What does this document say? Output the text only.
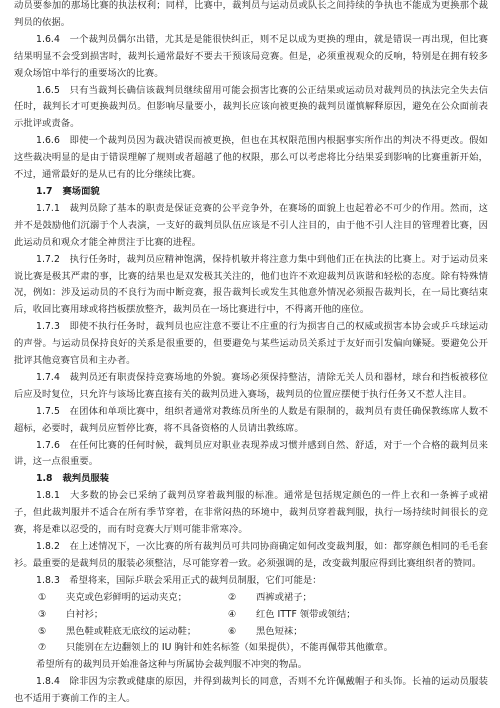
动员要参加的那场比赛的执法权利；同样，比赛中，裁判员与运动员或队长之间持续的争执也不能成为更换那个裁判员的依据。

1.6.4　一个裁判员偶尔出错，尤其是是能很快纠正，则不足以成为更换的理由，就是错误一再出现，但比赛结果明显不会受到损害时，裁判长通常最好不要去干预该局竞赛。但是，必须重视观众的反响，特别是在拥有较多观众场馆中举行的重要场次的比赛。

1.6.5　只有当裁判长确信该裁判员继续留用可能会损害比赛的公正结果或运动员对裁判员的执法完全失去信任时，裁判长才可更换裁判员。但影响尽量要小，裁判长应该向被更换的裁判员谨慎解释原因，避免在公众面前表示批评或责备。

1.6.6　即使一个裁判员因为裁决错误而被更换，但也在其权限范围内根据事实所作出的判决不得更改。假如这些裁决明显的是由于错误理解了规则或者超越了他的权限，那么可以考虑将比分结果妥到影响的比赛重新开始，不过，通常最好的是从已有的比分继续比赛。

1.7 赛场面貌

1.7.1　裁判员除了基本的职责是保证竞赛的公平竞争外，在赛场的面貌上也起着必不可少的作用。然而，这并不是鼓励他们沉溺于个人表演，一支好的裁判员队伍应该是不引人注目的，由于他不引人注目的管理着比赛，因此运动员和观众才能全神贯注于比赛的进程。

1.7.2　执行任务时，裁判员应精神饱满，保持机敏并将注意力集中到他们正在执法的比赛上。对于运动员来说比赛是极其严肃的事，比赛的结果也是双发极其关注的，他们也许不欢迎裁判员诙谐和轻松的态度。除有特殊情况，例如：涉及运动员的不良行为而中断竞赛，报告裁判长或发生其他意外情况必须报告裁判长，在一局比赛结束后，收回比赛用球或将挡板摆放整齐，裁判员在一场比赛进行中，不得离开他的座位。

1.7.3　即使不执行任务时，裁判员也应注意不要让不庄重的行为损害自己的权威或损害本协会或乒乓球运动的声誉。与运动员保持良好的关系是很重要的，但要避免与某些运动员关系过于友好而引发偏向嫌疑。要避免公开批评其他竞赛官员和主办者。

1.7.4　裁判员还有职责保持竞赛场地的外貌。赛场必须保持整洁，清除无关人员和器材，球台和挡板被移位后应及时复位，只允许与该场比赛直接有关的裁判员进入赛场，裁判员的位置应摆便于执行任务又不惹人注目。

1.7.5　在团体和单项比赛中，组织者通常对教练员所坐的人数是有限制的，裁判员有责任确保教练席人数不超标，必要时，裁判员应暂停比赛，将不具备资格的人员请出教练席。

1.7.6　在任何比赛的任何时候，裁判员应对职业表现养成习惯并感到自然、舒适，对于一个合格的裁判员来讲，这一点很重要。

1.8 裁判员服装

1.8.1　大多数的协会已采纳了裁判员穿着裁判服的标准。通常是包括规定颜色的一件上衣和一条裤子或裙子，但此裁判服并不适合在所有季节穿着，在非常闷热的环境中，裁判员穿着裁判服，执行一场持续时间很长的竞赛，将是难以忍受的，而有时竞赛大厅则可能非常寒冷。

1.8.2　在上述情况下，一次比赛的所有裁判员可共同协商确定如何改变裁判服，如：都穿颜色相同的毛毛套衫。最重要的是裁判员的服装必须整洁，尽可能穿着一致。必须强调的是，改变裁判服应得到比赛组织者的赞同。

1.8.3　希望将来，国际乒联会采用正式的裁判员制服，它们可能是：

①	夹克或色彩鲜明的运动夹克；	②	西裤或裙子；
③	白衬衫；	④	红色 ITTF 领带或领结；
⑤	黑色鞋或鞋底无底纹的运动鞋；	⑥	黑色短袜；
⑦	只能别在左边翻领上的 IU 胸针和姓名标签（如果提供），不能再佩带其他徽章。

希望所有的裁判员开始准备这种与所属协会裁判服不冲突的物品。

1.8.4　除非因为宗教或健康的原因，并得到裁判长的同意，否则不允许佩戴帽子和头饰。长袖的运动员服装也不适用于赛前工作的主人。
